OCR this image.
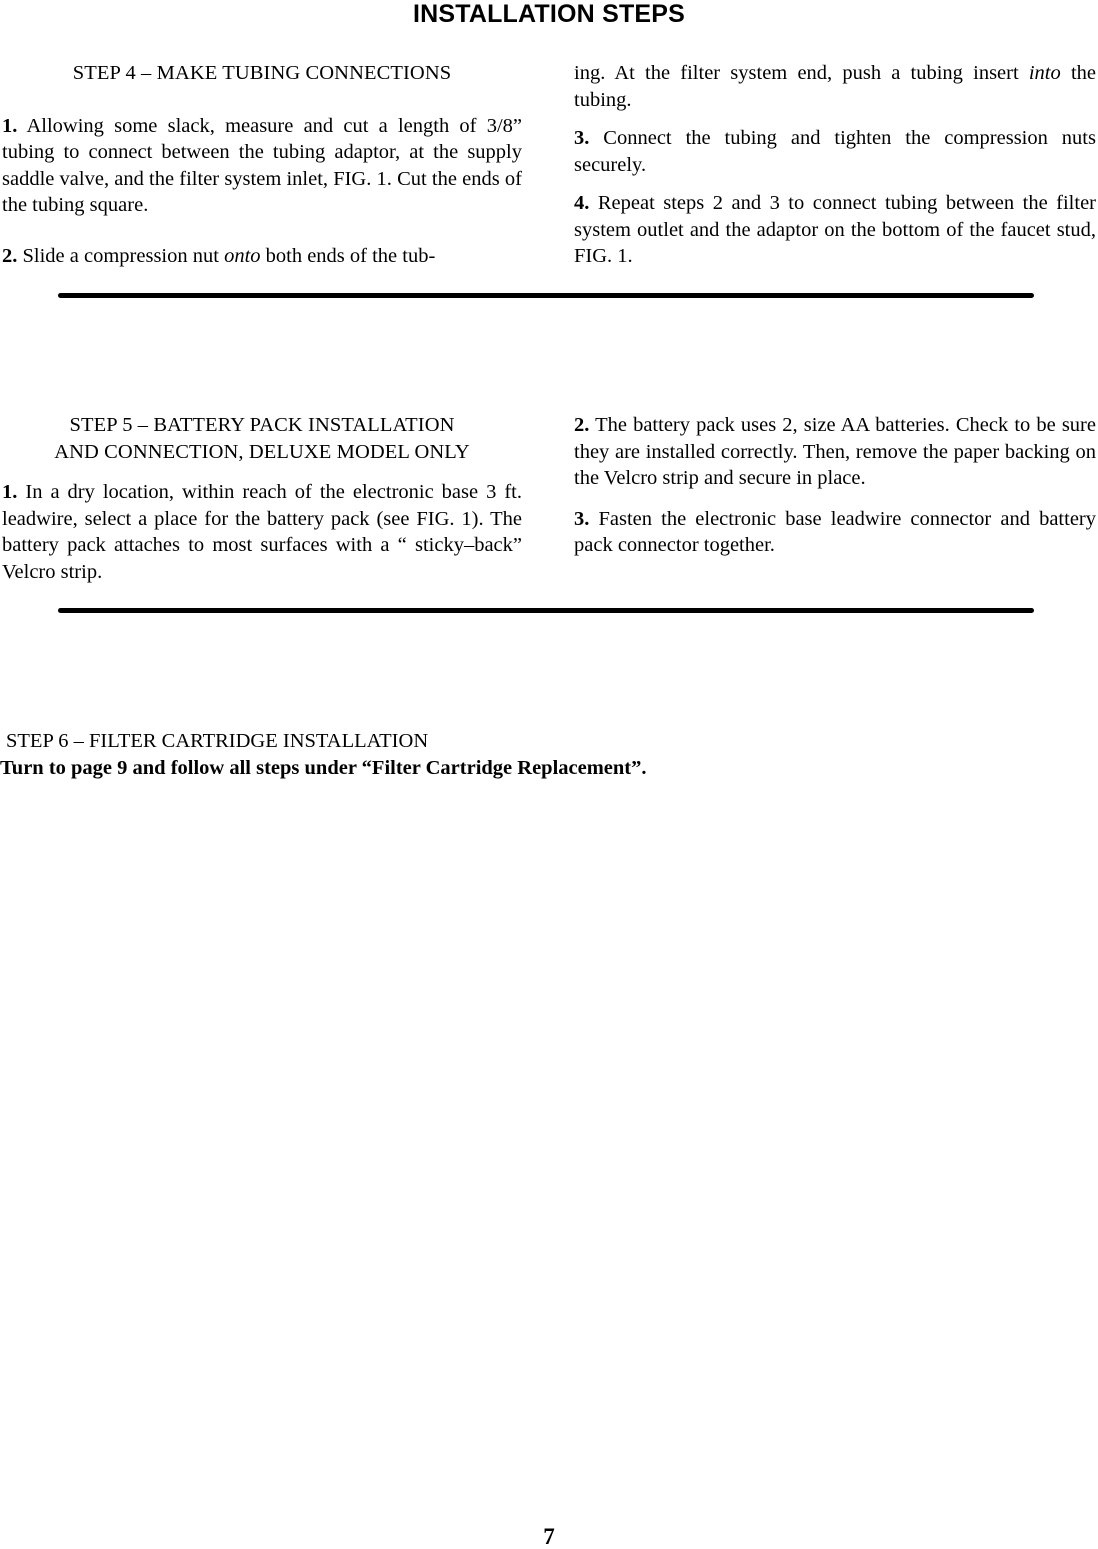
INSTALLATION STEPS

STEP 4 – MAKE TUBING CONNECTIONS

1. Allowing some slack, measure and cut a length of 3/8” tubing to connect between the tubing adaptor, at the supply saddle valve, and the filter system inlet, FIG. 1. Cut the ends of the tubing square.

2. Slide a compression nut onto both ends of the tub-

ing. At the filter system end, push a tubing insert into the tubing.

3. Connect the tubing and tighten the compression nuts securely.

4. Repeat steps 2 and 3 to connect tubing between the filter system outlet and the adaptor on the bottom of the faucet stud, FIG. 1.

STEP 5 – BATTERY PACK INSTALLATION

AND CONNECTION, DELUXE MODEL ONLY

1. In a dry location, within reach of the electronic base 3 ft. leadwire, select a place for the battery pack (see FIG. 1). The battery pack attaches to most surfaces with a “ sticky–back” Velcro strip.

2. The battery pack uses 2, size AA batteries. Check to be sure they are installed correctly. Then, remove the paper backing on the Velcro strip and secure in place.

3. Fasten the electronic base leadwire connector and battery pack connector together.

STEP 6 – FILTER CARTRIDGE INSTALLATION

Turn to page 9 and follow all steps under “Filter Cartridge Replacement”.

7
